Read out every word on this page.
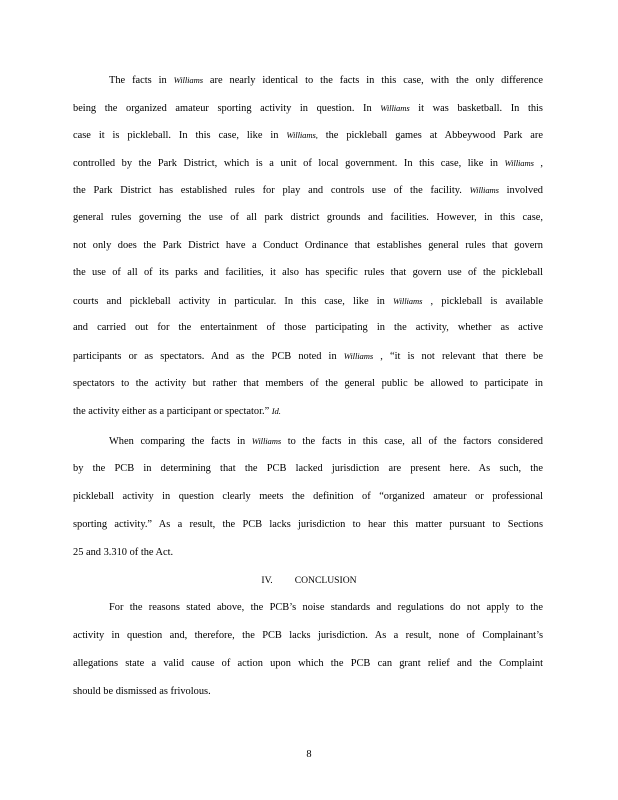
The facts in Williams are nearly identical to the facts in this case, with the only difference
being the organized amateur sporting activity in question. In Williams it was basketball. In this
case it is pickleball. In this case, like in Williams, the pickleball games at Abbeywood Park are
controlled by the Park District, which is a unit of local government. In this case, like in Williams ,
the Park District has established rules for play and controls use of the facility. Williams involved
general rules governing the use of all park district grounds and facilities. However, in this case,
not only does the Park District have a Conduct Ordinance that establishes general rules that govern
the use of all of its parks and facilities, it also has specific rules that govern use of the pickleball
courts and pickleball activity in particular. In this case, like in Williams , pickleball is available
and carried out for the entertainment of those participating in the activity, whether as active
participants or as spectators. And as the PCB noted in Williams , “it is not relevant that there be
spectators to the activity but rather that members of the general public be allowed to participate in
the activity either as a participant or spectator.” Id.
When comparing the facts in Williams to the facts in this case, all of the factors considered
by the PCB in determining that the PCB lacked jurisdiction are present here. As such, the
pickleball activity in question clearly meets the definition of “organized amateur or professional
sporting activity.” As a result, the PCB lacks jurisdiction to hear this matter pursuant to Sections
25 and 3.310 of the Act.
IV. CONCLUSION
For the reasons stated above, the PCB’s noise standards and regulations do not apply to the
activity in question and, therefore, the PCB lacks jurisdiction. As a result, none of Complainant’s
allegations state a valid cause of action upon which the PCB can grant relief and the Complaint
should be dismissed as frivolous.
8
